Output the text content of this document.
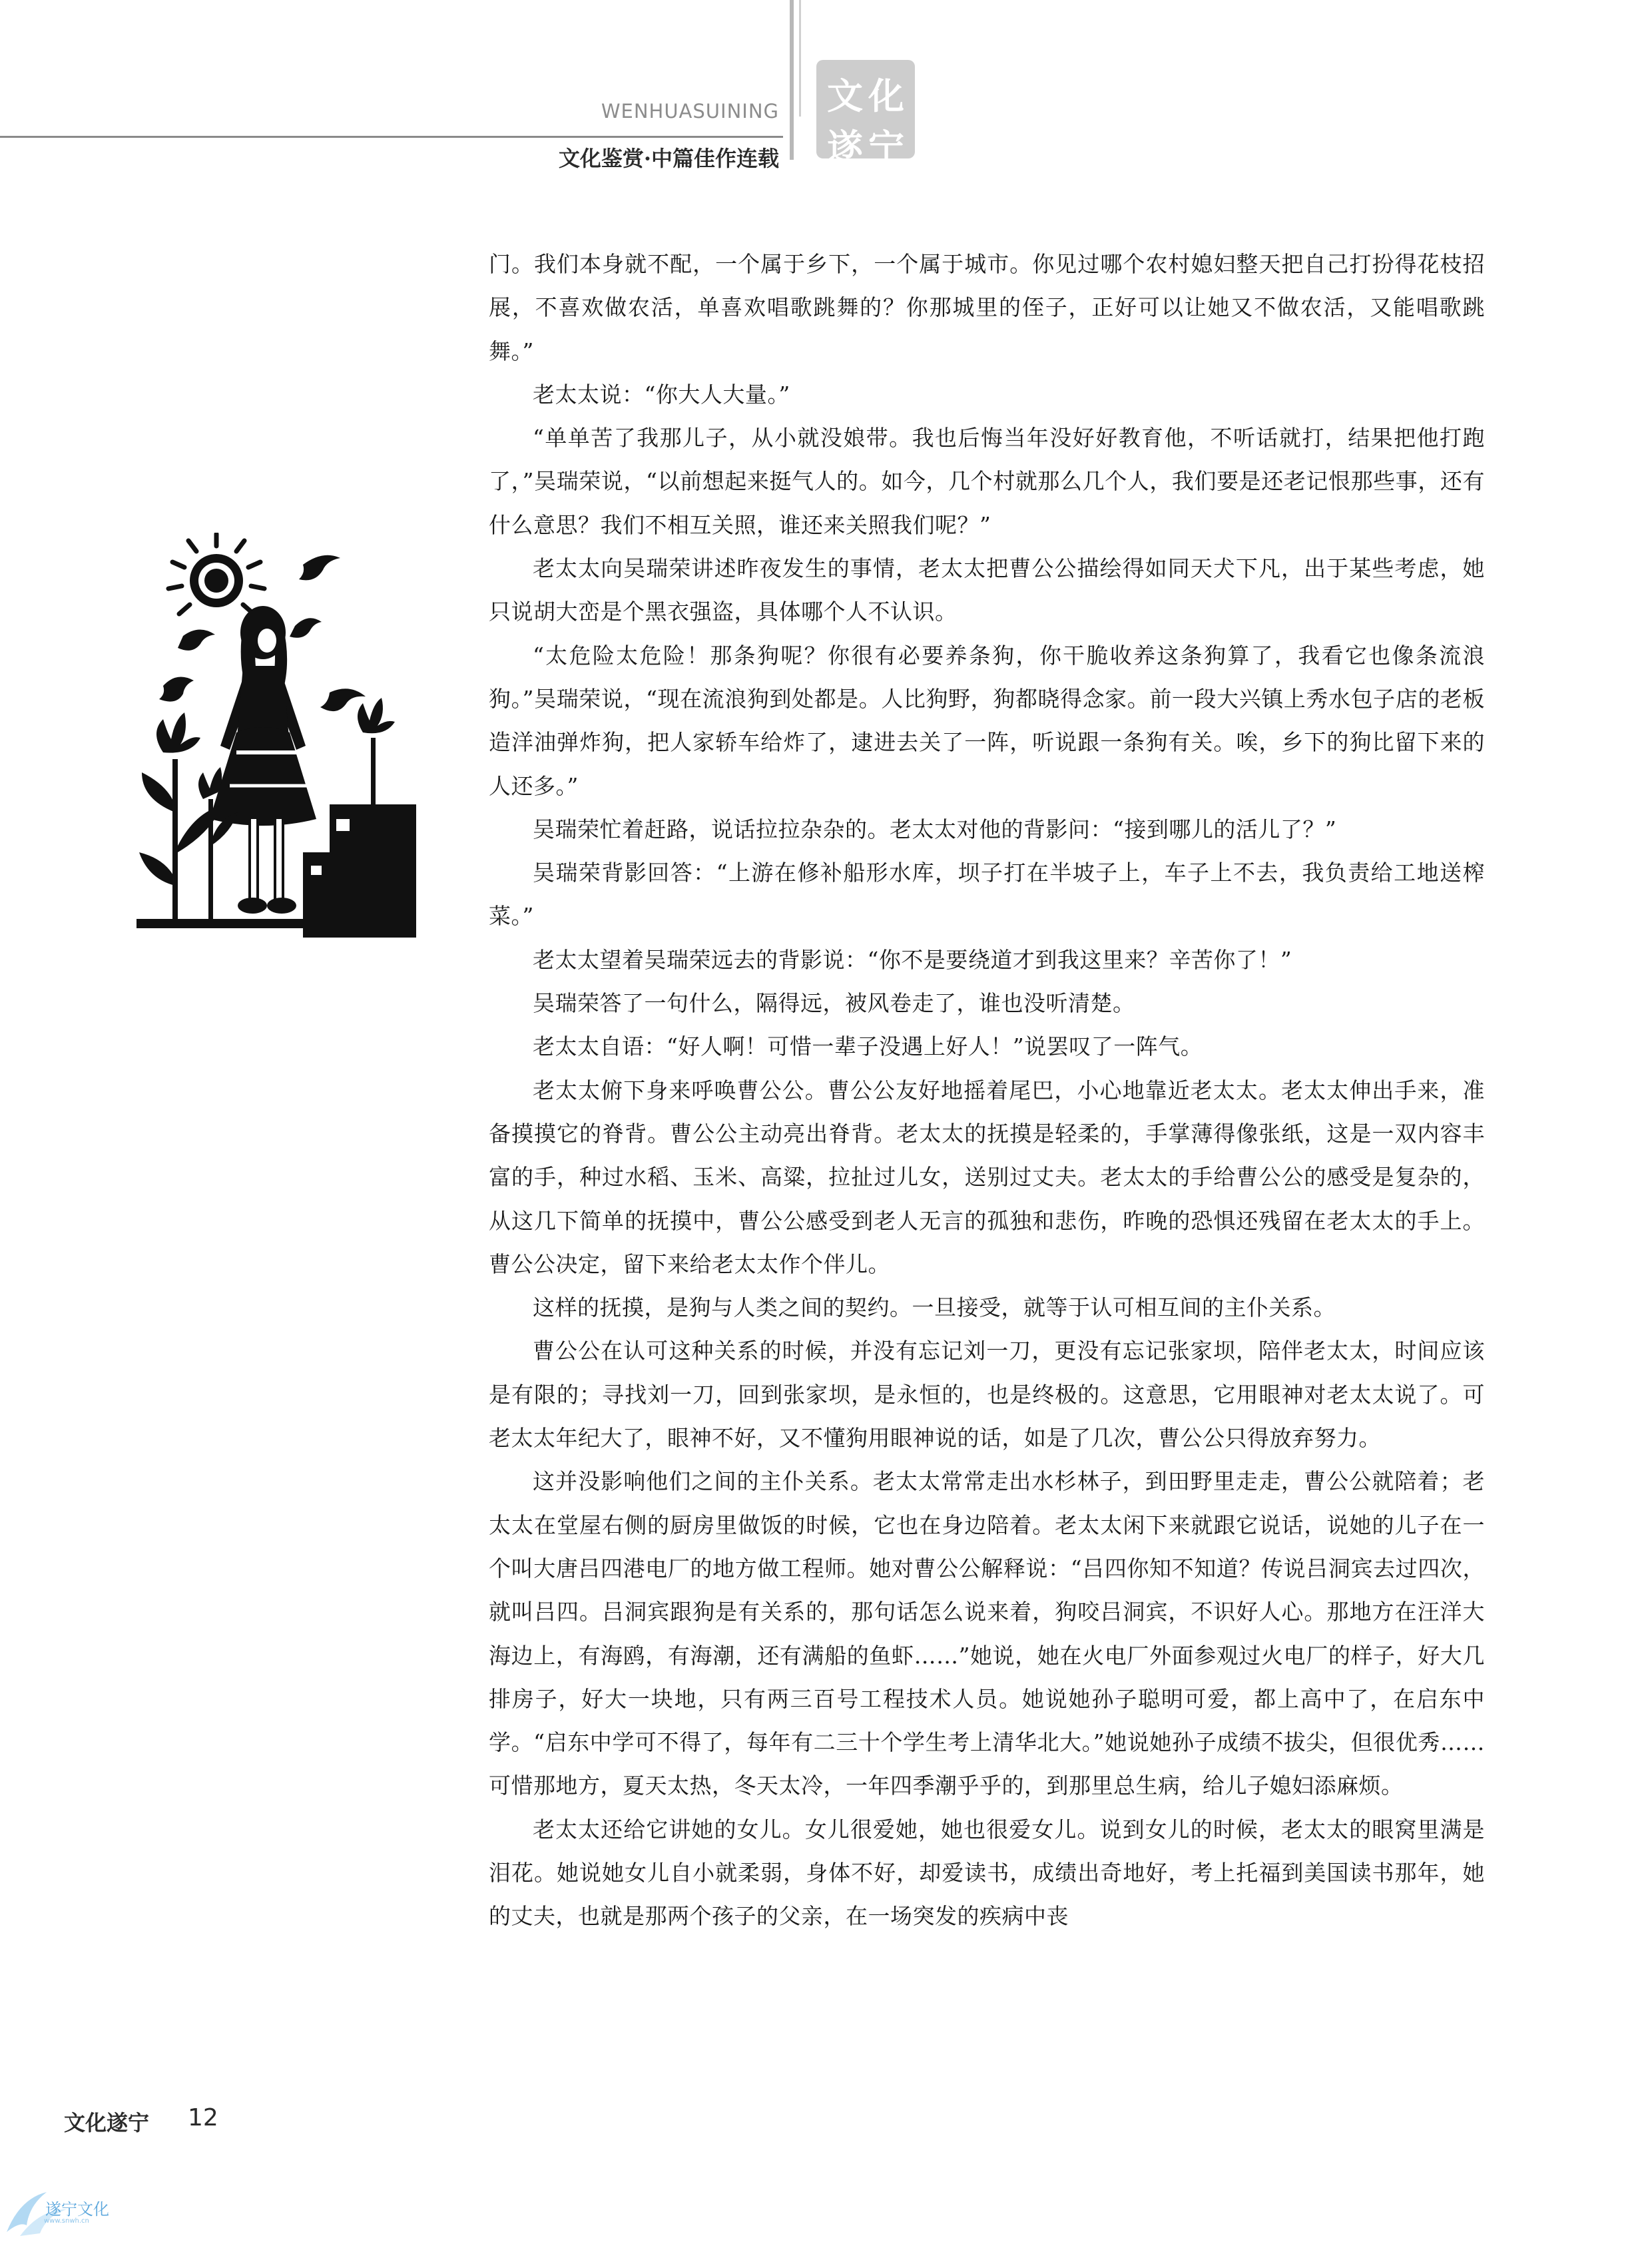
WENHUASUINING
文化鉴赏·中篇佳作连载
文 化
遂 宁

门。我们本身就不配，一个属于乡下，一个属于城市。你见过哪个农村媳妇整天把自己打扮得花枝招展，不喜欢做农活，单喜欢唱歌跳舞的？你那城里的侄子，正好可以让她又不做农活，又能唱歌跳舞。”

老太太说：“你大人大量。”

“单单苦了我那儿子，从小就没娘带。我也后悔当年没好好教育他，不听话就打，结果把他打跑了，”吴瑞荣说，“以前想起来挺气人的。如今，几个村就那么几个人，我们要是还老记恨那些事，还有什么意思？我们不相互关照，谁还来关照我们呢？”

老太太向吴瑞荣讲述昨夜发生的事情，老太太把曹公公描绘得如同天犬下凡，出于某些考虑，她只说胡大峦是个黑衣强盗，具体哪个人不认识。

“太危险太危险！那条狗呢？你很有必要养条狗，你干脆收养这条狗算了，我看它也像条流浪狗。”吴瑞荣说，“现在流浪狗到处都是。人比狗野，狗都晓得念家。前一段大兴镇上秀水包子店的老板造洋油弹炸狗，把人家轿车给炸了，逮进去关了一阵，听说跟一条狗有关。唉，乡下的狗比留下来的人还多。”

吴瑞荣忙着赶路，说话拉拉杂杂的。老太太对他的背影问：“接到哪儿的活儿了？”

吴瑞荣背影回答：“上游在修补船形水库，坝子打在半坡子上，车子上不去，我负责给工地送榨菜。”

老太太望着吴瑞荣远去的背影说：“你不是要绕道才到我这里来？辛苦你了！”

吴瑞荣答了一句什么，隔得远，被风卷走了，谁也没听清楚。

老太太自语：“好人啊！可惜一辈子没遇上好人！”说罢叹了一阵气。

老太太俯下身来呼唤曹公公。曹公公友好地摇着尾巴，小心地靠近老太太。老太太伸出手来，准备摸摸它的脊背。曹公公主动亮出脊背。老太太的抚摸是轻柔的，手掌薄得像张纸，这是一双内容丰富的手，种过水稻、玉米、高粱，拉扯过儿女，送别过丈夫。老太太的手给曹公公的感受是复杂的，从这几下简单的抚摸中，曹公公感受到老人无言的孤独和悲伤，昨晚的恐惧还残留在老太太的手上。曹公公决定，留下来给老太太作个伴儿。

这样的抚摸，是狗与人类之间的契约。一旦接受，就等于认可相互间的主仆关系。

曹公公在认可这种关系的时候，并没有忘记刘一刀，更没有忘记张家坝，陪伴老太太，时间应该是有限的；寻找刘一刀，回到张家坝，是永恒的，也是终极的。这意思，它用眼神对老太太说了。可老太太年纪大了，眼神不好，又不懂狗用眼神说的话，如是了几次，曹公公只得放弃努力。

这并没影响他们之间的主仆关系。老太太常常走出水杉林子，到田野里走走，曹公公就陪着；老太太在堂屋右侧的厨房里做饭的时候，它也在身边陪着。老太太闲下来就跟它说话，说她的儿子在一个叫大唐吕四港电厂的地方做工程师。她对曹公公解释说：“吕四你知不知道？传说吕洞宾去过四次，就叫吕四。吕洞宾跟狗是有关系的，那句话怎么说来着，狗咬吕洞宾，不识好人心。那地方在汪洋大海边上，有海鸥，有海潮，还有满船的鱼虾……”她说，她在火电厂外面参观过火电厂的样子，好大几排房子，好大一块地，只有两三百号工程技术人员。她说她孙子聪明可爱，都上高中了，在启东中学。“启东中学可不得了，每年有二三十个学生考上清华北大。”她说她孙子成绩不拔尖，但很优秀……可惜那地方，夏天太热，冬天太冷，一年四季潮乎乎的，到那里总生病，给儿子媳妇添麻烦。

老太太还给它讲她的女儿。女儿很爱她，她也很爱女儿。说到女儿的时候，老太太的眼窝里满是泪花。她说她女儿自小就柔弱，身体不好，却爱读书，成绩出奇地好，考上托福到美国读书那年，她的丈夫，也就是那两个孩子的父亲，在一场突发的疾病中丧

文化遂宁 12
遂宁文化
www.snwh.cn
